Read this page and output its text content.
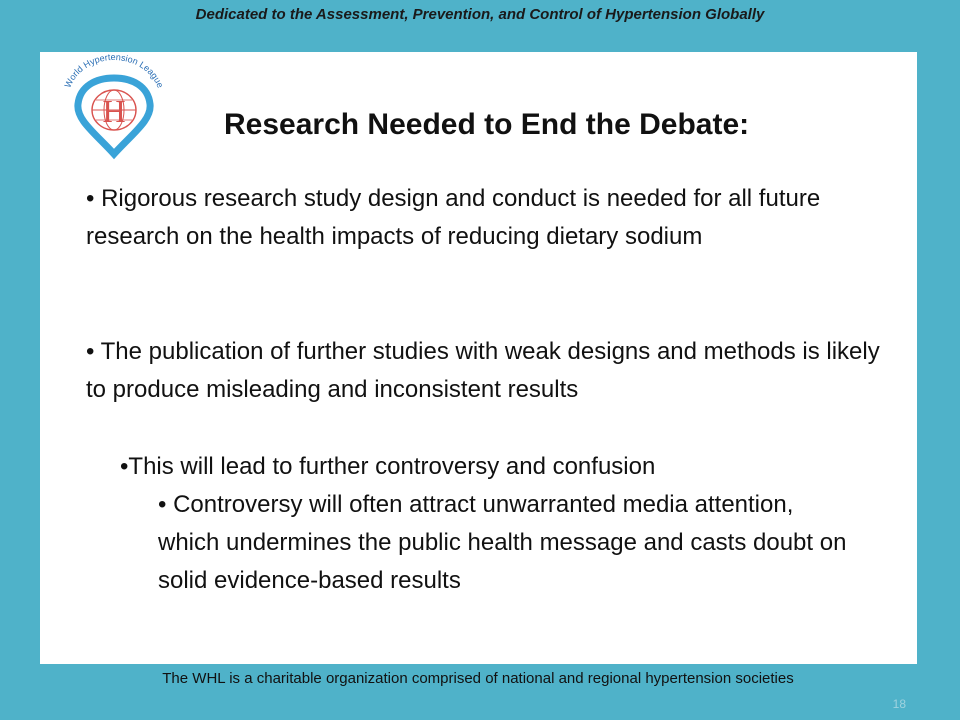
Dedicated to the Assessment, Prevention, and Control of Hypertension Globally
World Hypertension League
H	Research Needed to End the Debate:
• Rigorous research study design and conduct is needed for all future research on the health impacts of reducing dietary sodium
• The publication of further studies with weak designs and methods is likely to produce misleading and inconsistent results
•This will lead to further controversy and confusion
• Controversy will often attract unwarranted media attention, which undermines the public health message and casts doubt on solid evidence-based results
The WHL is a charitable organization comprised of national and regional hypertension societies
18
